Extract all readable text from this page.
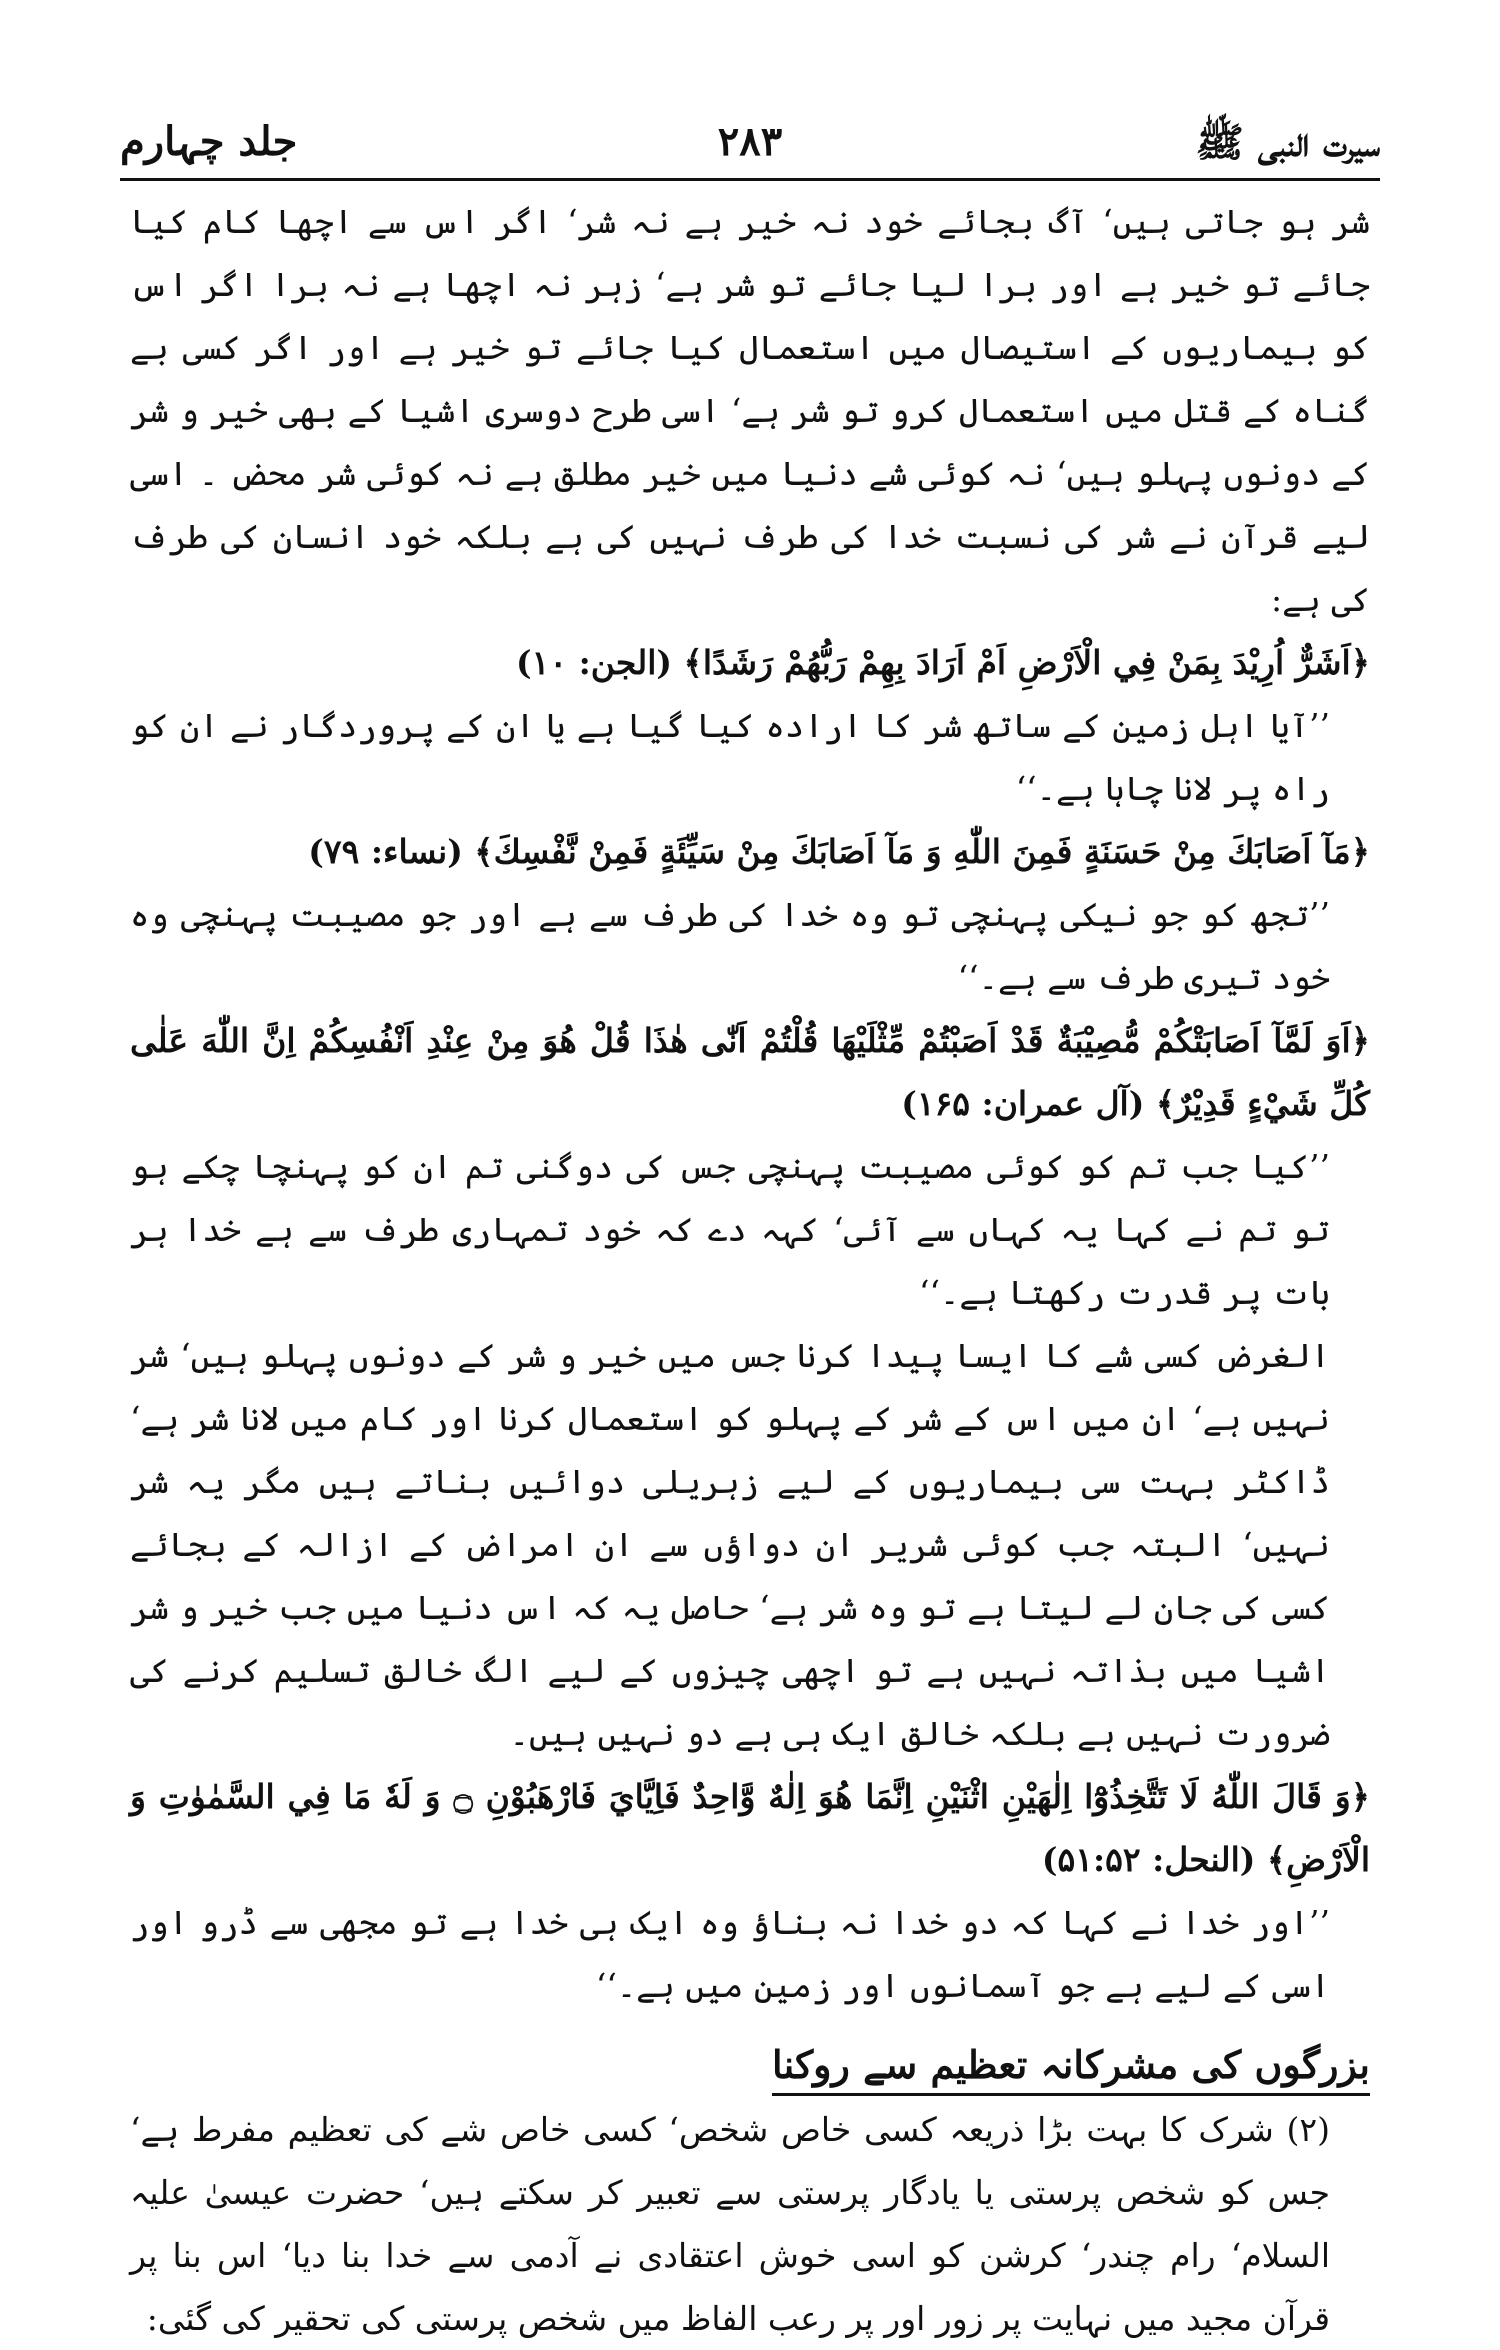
سیرت النبی ﷺ
۲۸۳
جلد چہارم

شر ہو جاتی ہیں‘ آگ بجائے خود نہ خیر ہے نہ شر‘ اگر اس سے اچھا کام کیا جائے تو خیر ہے اور برا لیا جائے تو شر ہے‘ زہر نہ اچھا ہے نہ برا اگر اس کو بیماریوں کے استیصال میں استعمال کیا جائے تو خیر ہے اور اگر کسی بے گناہ کے قتل میں استعمال کرو تو شر ہے‘ اسی طرح دوسری اشیا کے بھی خیر و شر کے دونوں پہلو ہیں‘ نہ کوئی شے دنیا میں خیر مطلق ہے نہ کوئی شر محض ۔ اسی لیے قرآن نے شر کی نسبت خدا کی طرف نہیں کی ہے بلکہ خود انسان کی طرف کی ہے:

﴿اَشَرٌّ اُرِيْدَ بِمَنْ فِي الْاَرْضِ اَمْ اَرَادَ بِهِمْ رَبُّهُمْ رَشَدًا﴾ (الجن: ۱۰)

’’آیا اہل زمین کے ساتھ شر کا ارادہ کیا گیا ہے یا ان کے پروردگار نے ان کو راہ پر لانا چاہا ہے۔‘‘

﴿مَآ اَصَابَكَ مِنْ حَسَنَةٍ فَمِنَ اللّٰهِ وَ مَآ اَصَابَكَ مِنْ سَيِّئَةٍ فَمِنْ نَّفْسِكَ﴾ (نساء: ۷۹)

’’تجھ کو جو نیکی پہنچی تو وہ خدا کی طرف سے ہے اور جو مصیبت پہنچی وہ خود تیری طرف سے ہے۔‘‘

﴿اَوَ لَمَّآ اَصَابَتْكُمْ مُّصِيْبَةٌ قَدْ اَصَبْتُمْ مِّثْلَيْهَا قُلْتُمْ اَنّٰى هٰذَا قُلْ هُوَ مِنْ عِنْدِ اَنْفُسِكُمْ اِنَّ اللّٰهَ عَلٰى كُلِّ شَيْءٍ قَدِيْرٌ﴾ (آل عمران: ۱۶۵)

’’کیا جب تم کو کوئی مصیبت پہنچی جس کی دوگنی تم ان کو پہنچا چکے ہو تو تم نے کہا یہ کہاں سے آئی‘ کہہ دے کہ خود تمہاری طرف سے ہے خدا ہر بات پر قدرت رکھتا ہے۔‘‘

الغرض کسی شے کا ایسا پیدا کرنا جس میں خیر و شر کے دونوں پہلو ہیں‘ شر نہیں ہے‘ ان میں اس کے شر کے پہلو کو استعمال کرنا اور کام میں لانا شر ہے‘ ڈاکٹر بہت سی بیماریوں کے لیے زہریلی دوائیں بناتے ہیں مگر یہ شر نہیں‘ البتہ جب کوئی شریر ان دواؤں سے ان امراض کے ازالہ کے بجائے کسی کی جان لے لیتا ہے تو وہ شر ہے‘ حاصل یہ کہ اس دنیا میں جب خیر و شر اشیا میں بذاتہ نہیں ہے تو اچھی چیزوں کے لیے الگ خالق تسلیم کرنے کی ضرورت نہیں ہے بلکہ خالق ایک ہی ہے دو نہیں ہیں۔

﴿وَ قَالَ اللّٰهُ لَا تَتَّخِذُوْٓا اِلٰهَيْنِ اثْنَيْنِ اِنَّمَا هُوَ اِلٰهٌ وَّاحِدٌ فَاِيَّايَ فَارْهَبُوْنِ ۝ وَ لَهٗ مَا فِي السَّمٰوٰتِ وَ الْاَرْضِ﴾ (النحل: ۵۱:۵۲)

’’اور خدا نے کہا کہ دو خدا نہ بناؤ وہ ایک ہی خدا ہے تو مجھی سے ڈرو اور اسی کے لیے ہے جو آسمانوں اور زمین میں ہے۔‘‘

بزرگوں کی مشرکانہ تعظیم سے روکنا

(۲) شرک کا بہت بڑا ذریعہ کسی خاص شخص‘ کسی خاص شے کی تعظیم مفرط ہے‘ جس کو شخص پرستی یا یادگار پرستی سے تعبیر کر سکتے ہیں‘ حضرت عیسیٰ علیہ السلام‘ رام چندر‘ کرشن کو اسی خوش اعتقادی نے آدمی سے خدا بنا دیا‘ اس بنا پر قرآن مجید میں نہایت پر زور اور پر رعب الفاظ میں شخص پرستی کی تحقیر کی گئی:
